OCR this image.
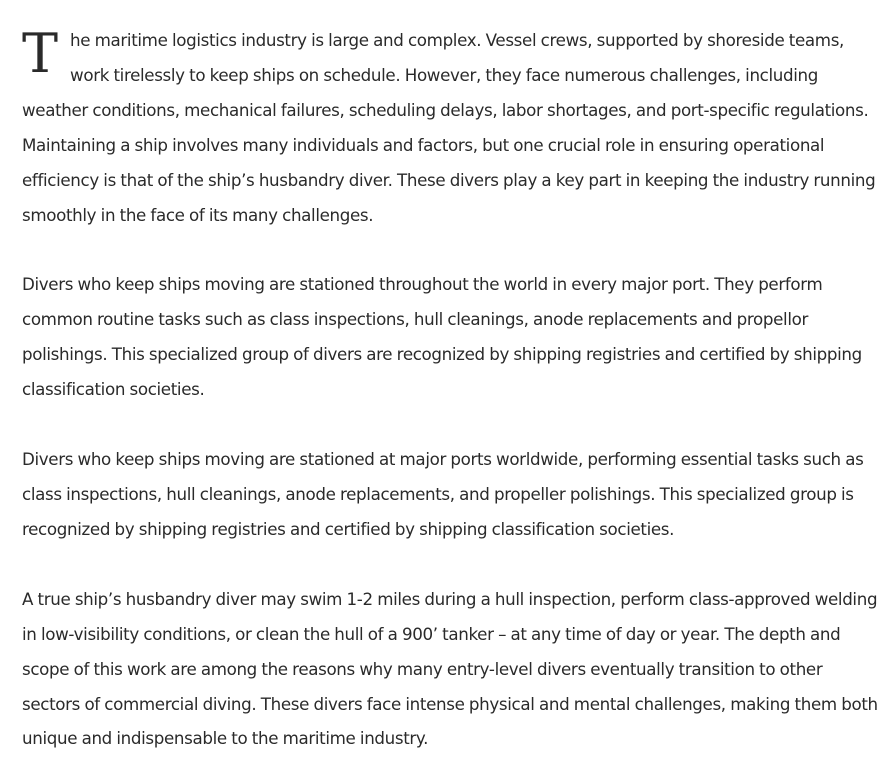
The maritime logistics industry is large and complex. Vessel crews, supported by shoreside teams, work tirelessly to keep ships on schedule. However, they face numerous challenges, including weather conditions, mechanical failures, scheduling delays, labor shortages, and port-specific regulations. Maintaining a ship involves many individuals and factors, but one crucial role in ensuring operational efficiency is that of the ship’s husbandry diver. These divers play a key part in keeping the industry running smoothly in the face of its many challenges.

Divers who keep ships moving are stationed throughout the world in every major port. They perform common routine tasks such as class inspections, hull cleanings, anode replacements and propellor polishings. This specialized group of divers are recognized by shipping registries and certified by shipping classification societies.

Divers who keep ships moving are stationed at major ports worldwide, performing essential tasks such as class inspections, hull cleanings, anode replacements, and propeller polishings. This specialized group is recognized by shipping registries and certified by shipping classification societies.

A true ship’s husbandry diver may swim 1-2 miles during a hull inspection, perform class-approved welding in low-visibility conditions, or clean the hull of a 900’ tanker – at any time of day or year. The depth and scope of this work are among the reasons why many entry-level divers eventually transition to other sectors of commercial diving. These divers face intense physical and mental challenges, making them both unique and indispensable to the maritime industry.
